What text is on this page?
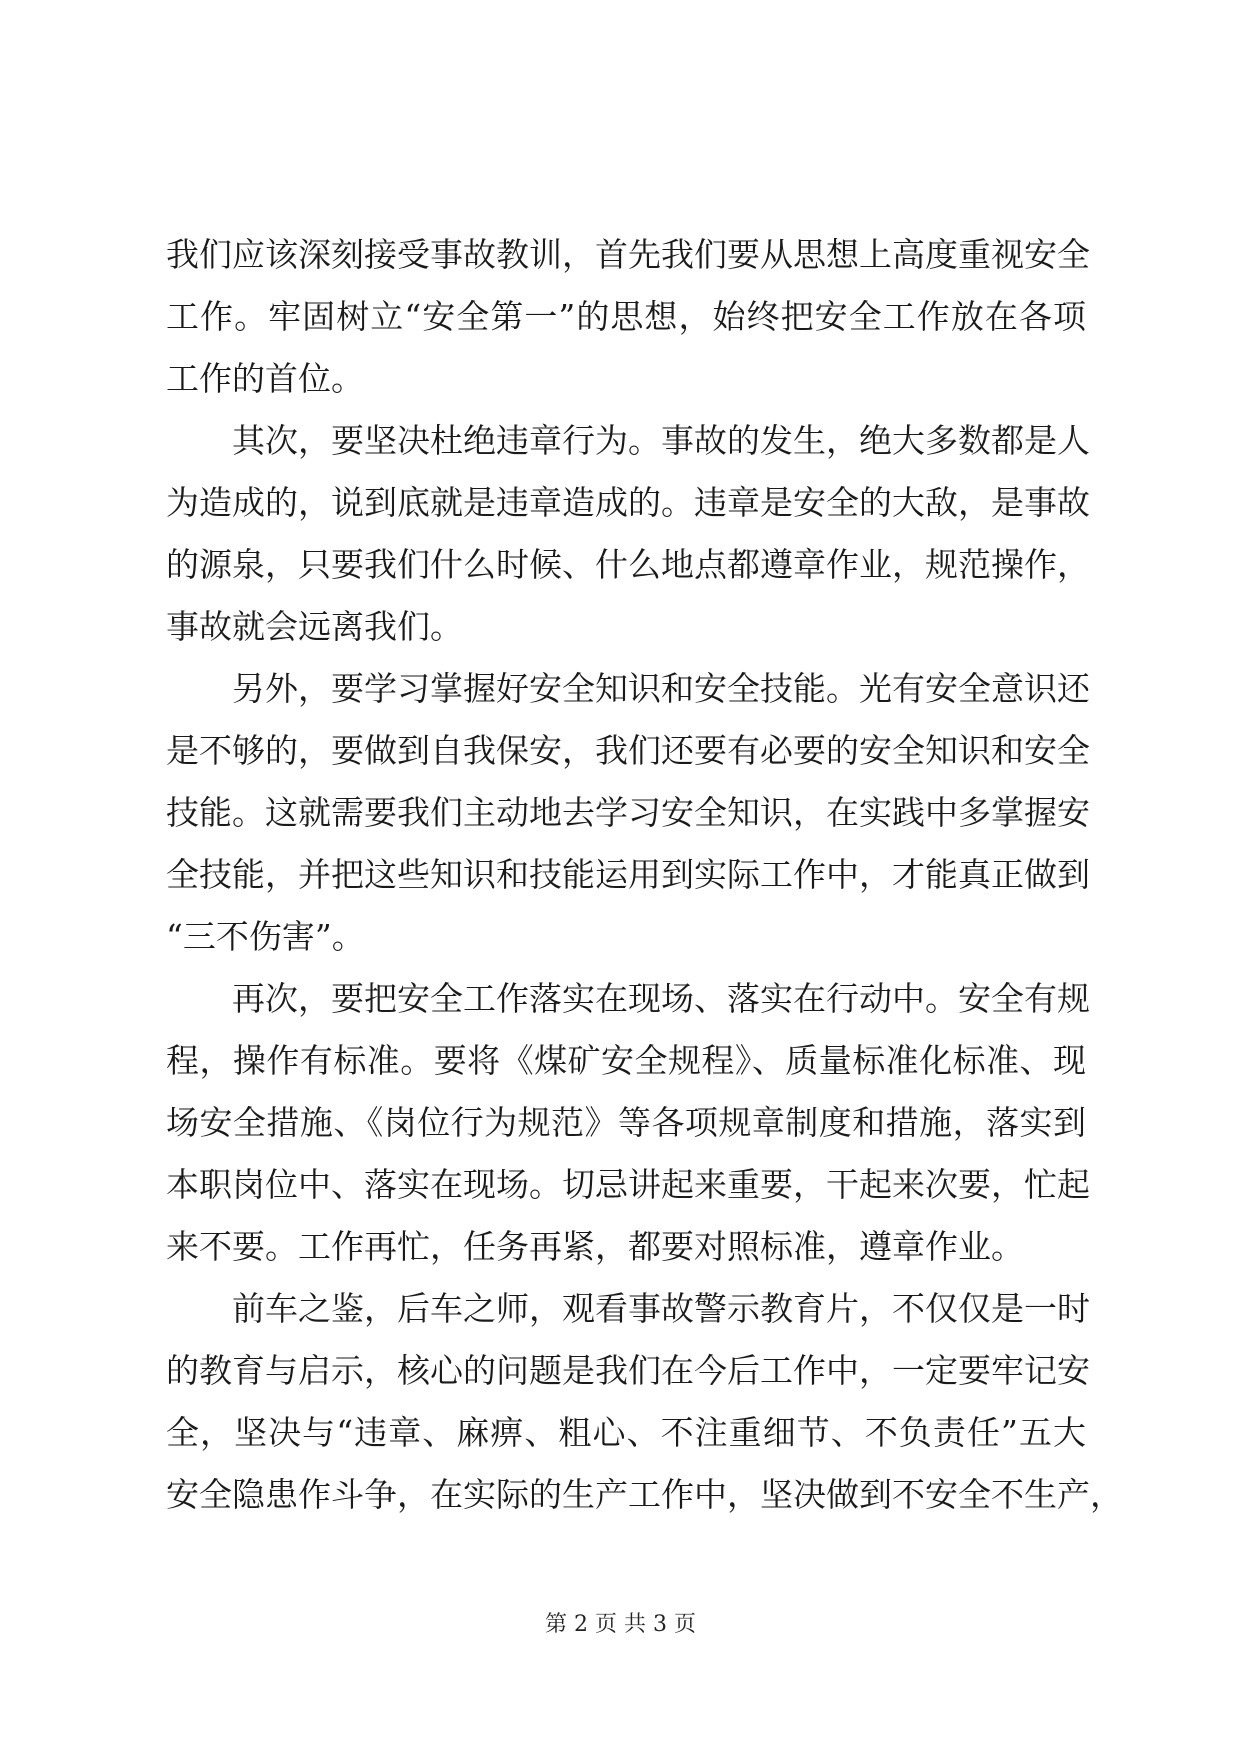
我们应该深刻接受事故教训，首先我们要从思想上高度重视安全
工作。牢固树立“安全第一”的思想，始终把安全工作放在各项
工作的首位。
其次，要坚决杜绝违章行为。事故的发生，绝大多数都是人
为造成的，说到底就是违章造成的。违章是安全的大敌，是事故
的源泉，只要我们什么时候、什么地点都遵章作业，规范操作，
事故就会远离我们。
另外，要学习掌握好安全知识和安全技能。光有安全意识还
是不够的，要做到自我保安，我们还要有必要的安全知识和安全
技能。这就需要我们主动地去学习安全知识，在实践中多掌握安
全技能，并把这些知识和技能运用到实际工作中，才能真正做到
“三不伤害”。
再次，要把安全工作落实在现场、落实在行动中。安全有规
程，操作有标准。要将《煤矿安全规程》、质量标准化标准、现
场安全措施、《岗位行为规范》等各项规章制度和措施，落实到
本职岗位中、落实在现场。切忌讲起来重要，干起来次要，忙起
来不要。工作再忙，任务再紧，都要对照标准，遵章作业。
前车之鉴，后车之师，观看事故警示教育片，不仅仅是一时
的教育与启示，核心的问题是我们在今后工作中，一定要牢记安
全，坚决与“违章、麻痹、粗心、不注重细节、不负责任”五大
安全隐患作斗争，在实际的生产工作中，坚决做到不安全不生产，
第 2 页 共 3 页
